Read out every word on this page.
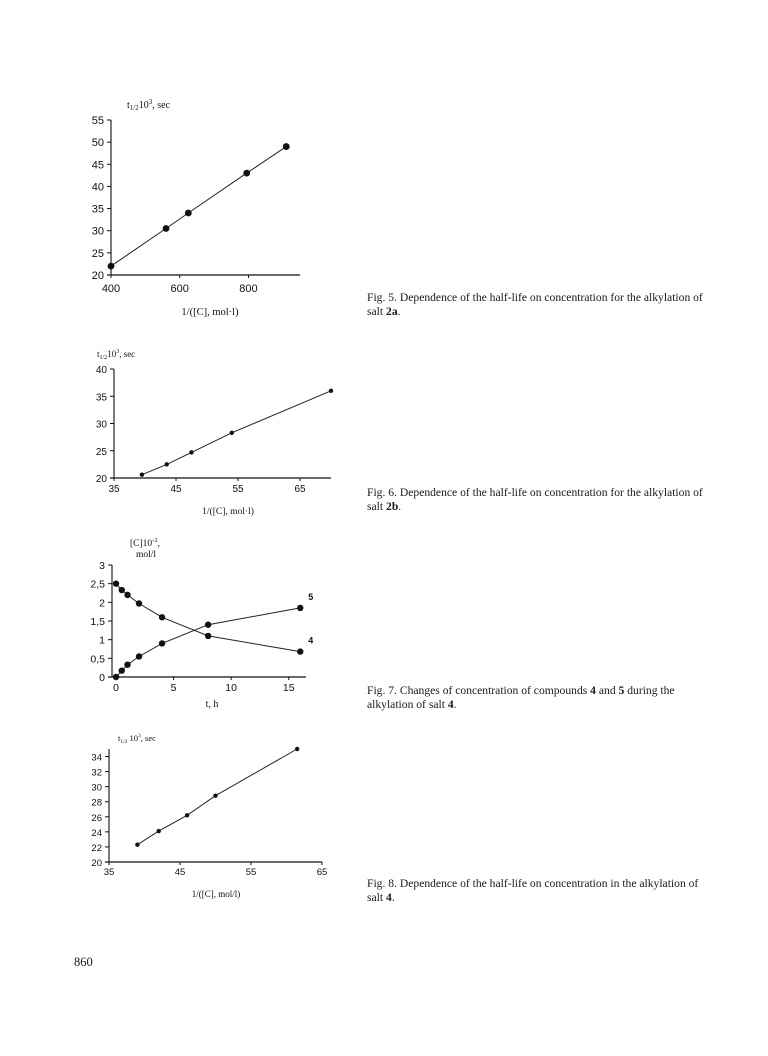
20
25
30
35
40
45
50
55
400	600	800
1/([C], mol·l)
$t_{1/2}10^3$, sec
Fig. 5. Dependence of the half-life on concentration for the alkylation of salt 2a.
20
25
30
35
40
35	45	55	65
1/([C], mol·l)
$t_{1/2}10^3$, sec
Fig. 6. Dependence of the half-life on concentration for the alkylation of salt 2b.
0
0,5
1
1,5
2
2,5
3
0	5	10	15
t, h
$[C]10^{-2}$,
mol/l
4
5
Fig. 7. Changes of concentration of compounds 4 and 5 during the alkylation of salt 4.
20
22
24
26
28
30
32
34
35	45	55	65
1/([C], mol/l)
$t_{1/2}$ $10^3$, sec
Fig. 8. Dependence of the half-life on concentration in the alkylation of salt 4.
860
